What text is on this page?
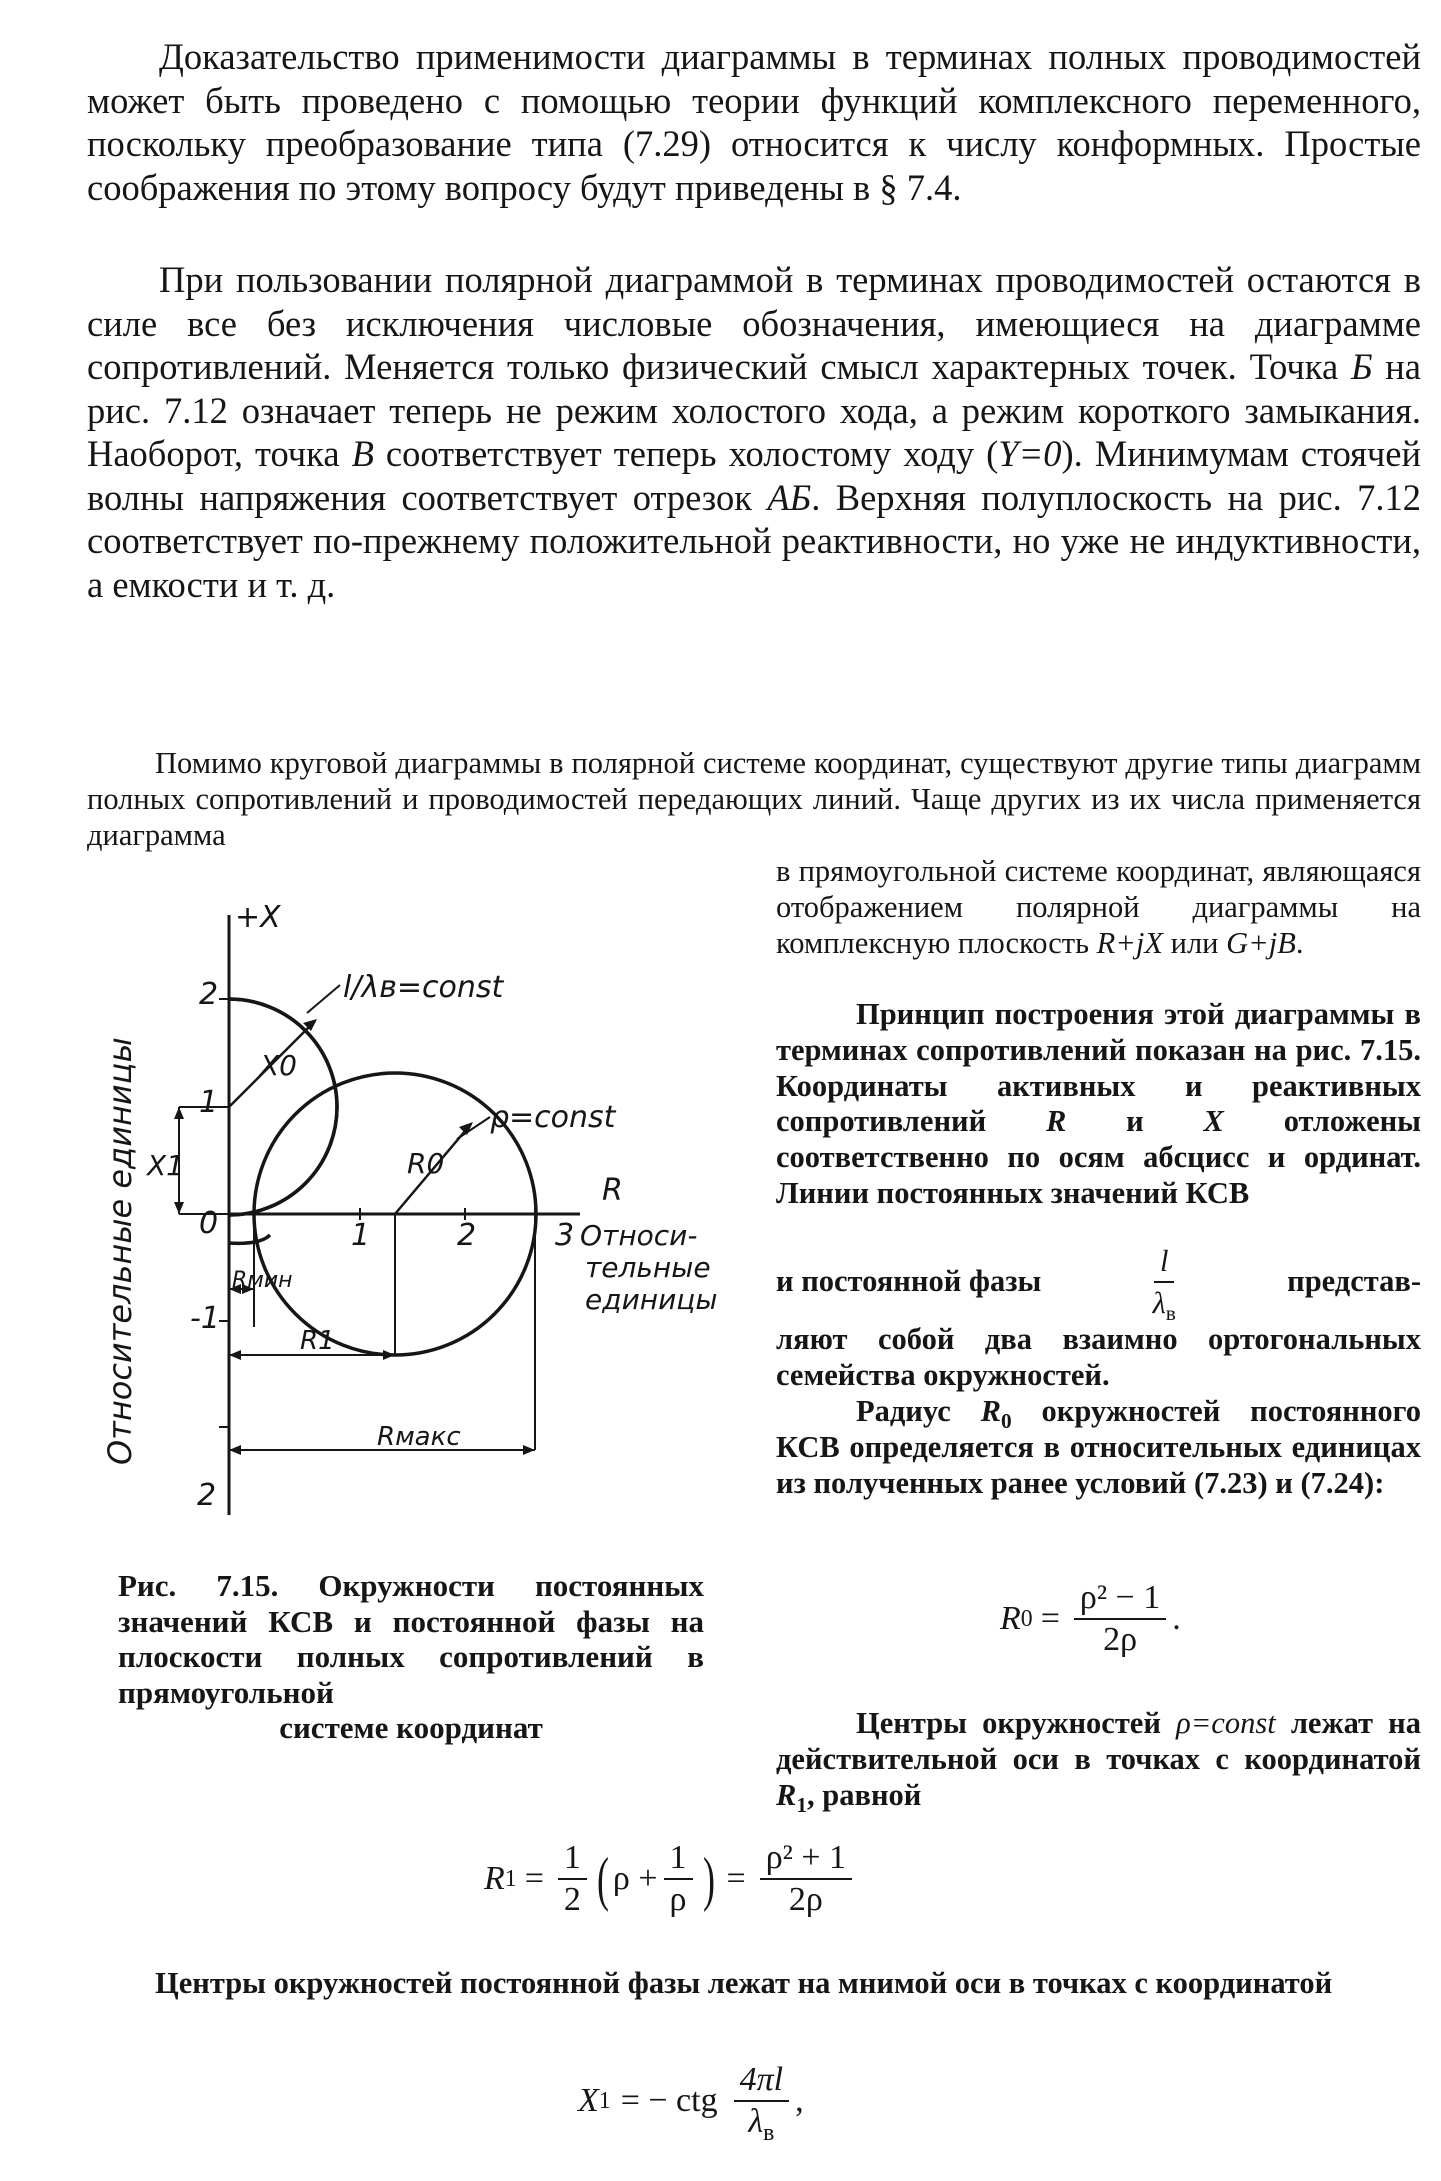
Доказательство применимости диаграммы в терминах полных проводимостей может быть проведено с помощью теории функций комплексного переменного, поскольку преобразование типа (7.29) относится к числу конформных. Простые соображения по этому вопросу будут приведены в § 7.4.

При пользовании полярной диаграммой в терминах проводимостей остаются в силе все без исключения числовые обозначения, имеющиеся на диаграмме сопротивлений. Меняется только физический смысл характерных точек. Точка Б на рис. 7.12 означает теперь не режим холостого хода, а режим короткого замыкания. Наоборот, точка В соответствует теперь холостому ходу (Y=0). Минимумам стоячей волны напряжения соответствует отрезок АБ. Верхняя полуплоскость на рис. 7.12 соответствует по-прежнему положительной реактивности, но уже не индуктивности, а емкости и т. д.

Помимо круговой диаграммы в полярной системе координат, существуют другие типы диаграмм полных сопротивлений и проводимостей передающих линий. Чаще других из их числа применяется диаграмма

в прямоугольной системе координат, являющаяся отображением полярной диаграммы на комплексную плоскость R+jX или G+jB.

Принцип построения этой диаграммы в терминах сопротивлений показан на рис. 7.15. Координаты активных и реактивных сопротивлений R и X отложены соответственно по осям абсцисс и ординат. Линии постоянных значений КСВ

и постоянной фазы	$\frac{l}{\lambda_в}$	представ-

ляют собой два взаимно ортогональных семейства окружностей.

Радиус $R_0$ окружностей постоянного КСВ определяется в относительных единицах из полученных ранее условий (7.23) и (7.24):

R $0 = \frac{\text{ρ² − 1}}{2\rho}$ .

Центры окружностей ρ=const лежат на действительной оси в точках с координатой $R_1$, равной

R $1 = \frac{1}{2}$ ( $\rho + \frac{1}{\rho}$ ) = $\frac{\text{ρ² + 1}}{2\rho}$

Центры окружностей постоянной фазы лежат на мнимой оси в точках с координатой

X 1 = − ctg $\frac{4\pi l}{\lambda_в}$ ,

Рис. 7.15. Окружности постоянных значений КСВ и постоянной фазы на плоскости полных сопротивлений в прямоугольной
системе координат

+X
l/λв=const
ρ=const
X0
R0
X1
2
1
0
-1
2
1	2	3
R
Относи-
тельные
единицы
Rмин
R1
Rмакс
Относительные единицы
